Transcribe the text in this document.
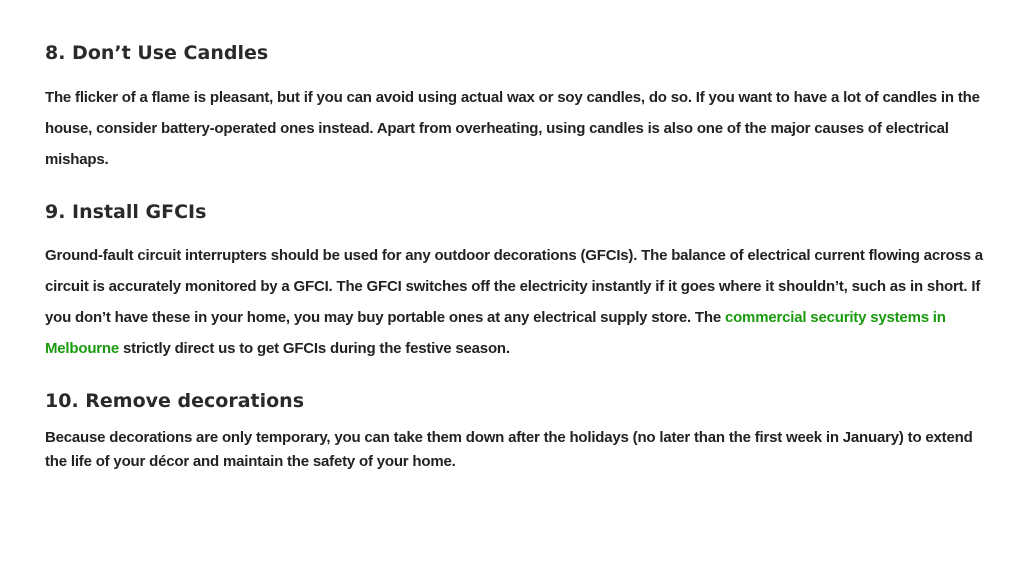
8. Don’t Use Candles

The flicker of a flame is pleasant, but if you can avoid using actual wax or soy candles, do so. If you want to have a lot of candles in the house, consider battery-operated ones instead. Apart from overheating, using candles is also one of the major causes of electrical mishaps.

9. Install GFCIs

Ground-fault circuit interrupters should be used for any outdoor decorations (GFCIs). The balance of electrical current flowing across a circuit is accurately monitored by a GFCI. The GFCI switches off the electricity instantly if it goes where it shouldn’t, such as in short. If you don’t have these in your home, you may buy portable ones at any electrical supply store. The commercial security systems in Melbourne strictly direct us to get GFCIs during the festive season.

10. Remove decorations

Because decorations are only temporary, you can take them down after the holidays (no later than the first week in January) to extend the life of your décor and maintain the safety of your home.
